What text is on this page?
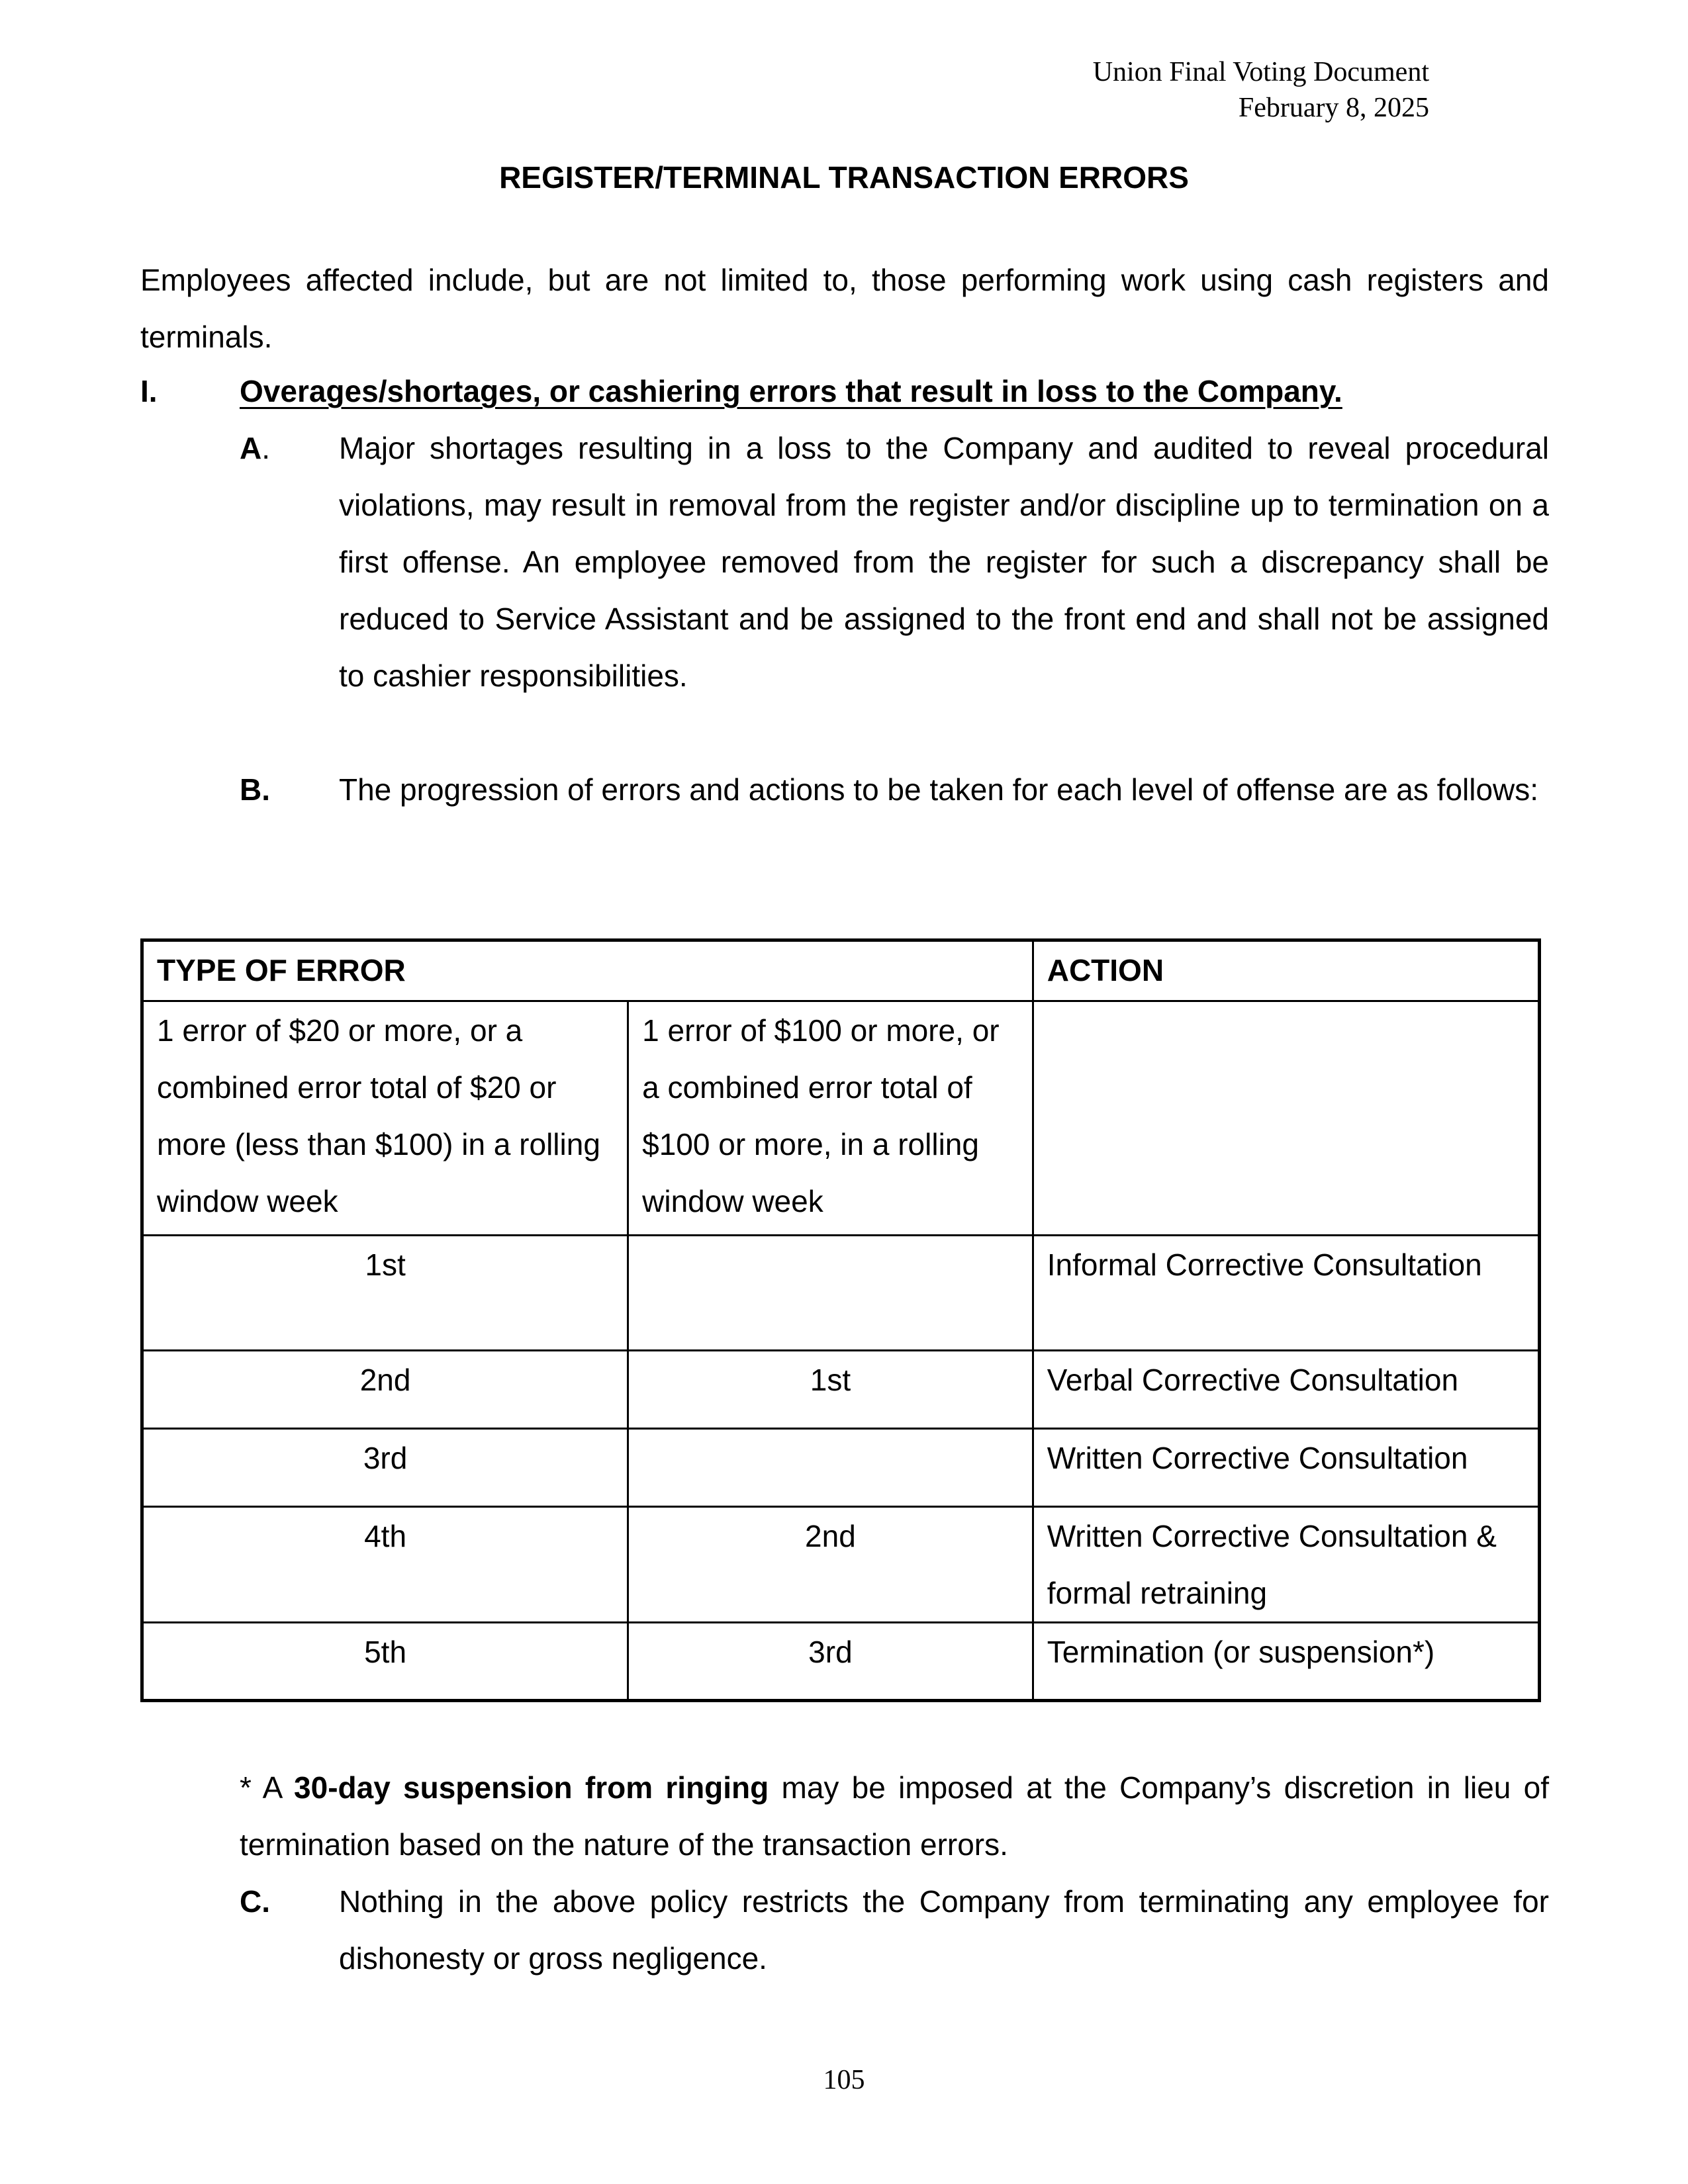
Union Final Voting Document
February 8, 2025
REGISTER/TERMINAL TRANSACTION ERRORS
Employees affected include, but are not limited to, those performing work using cash registers and terminals.
I.	Overages/shortages, or cashiering errors that result in loss to the Company.
A. Major shortages resulting in a loss to the Company and audited to reveal procedural violations, may result in removal from the register and/or discipline up to termination on a first offense. An employee removed from the register for such a discrepancy shall be reduced to Service Assistant and be assigned to the front end and shall not be assigned to cashier responsibilities.
B. The progression of errors and actions to be taken for each level of offense are as follows:
TYPE OF ERROR		ACTION
1 error of $20 or more, or a combined error total of $20 or more (less than $100) in a rolling window week	1 error of $100 or more, or a combined error total of $100 or more, in a rolling window week	
1st		Informal Corrective Consultation
2nd	1st	Verbal Corrective Consultation
3rd		Written Corrective Consultation
4th	2nd	Written Corrective Consultation & formal retraining
5th	3rd	Termination (or suspension*)
* A 30-day suspension from ringing may be imposed at the Company’s discretion in lieu of termination based on the nature of the transaction errors.
C. Nothing in the above policy restricts the Company from terminating any employee for dishonesty or gross negligence.
105
